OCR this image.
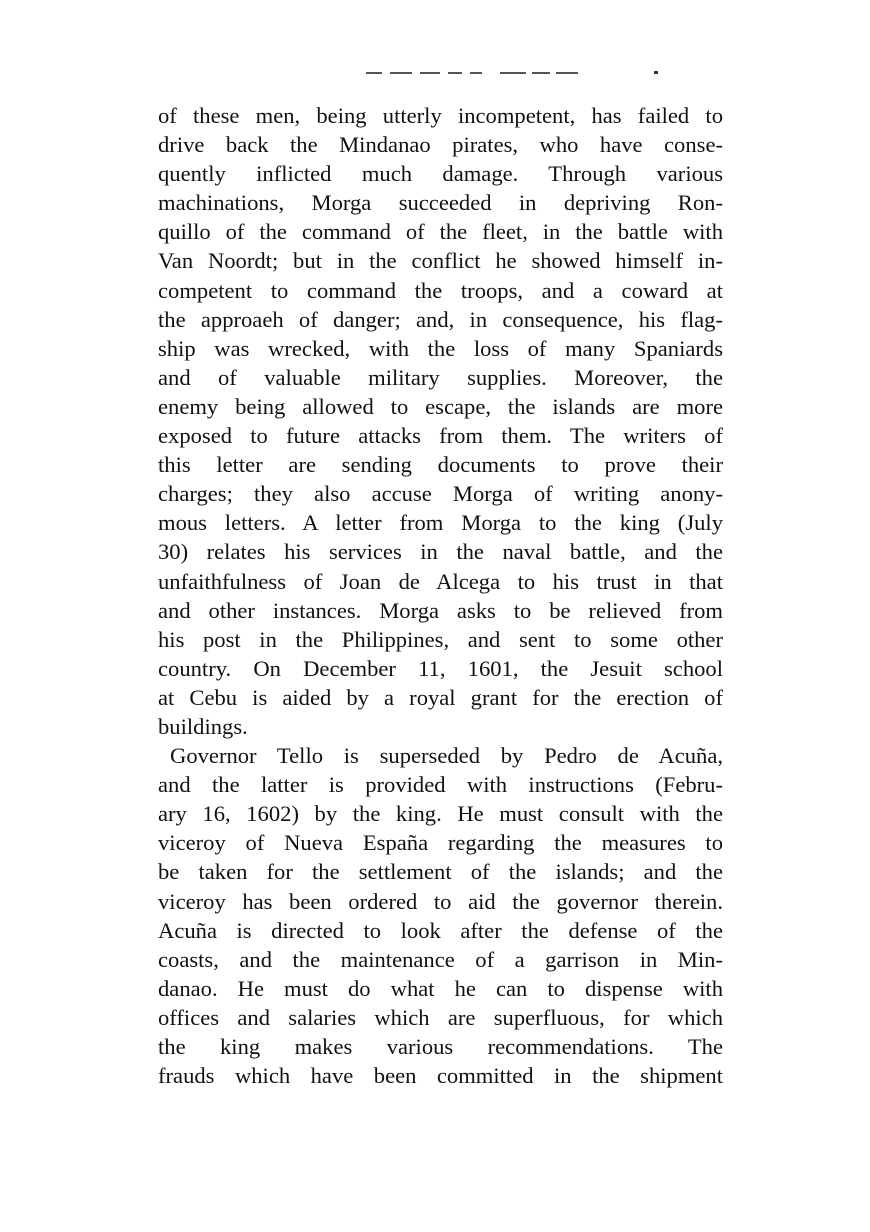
of these men, being utterly incompetent, has failed to
drive back the Mindanao pirates, who have conse-
quently inflicted much damage. Through various
machinations, Morga succeeded in depriving Ron-
quillo of the command of the fleet, in the battle with
Van Noordt; but in the conflict he showed himself in-
competent to command the troops, and a coward at
the approaeh of danger; and, in consequence, his flag-
ship was wrecked, with the loss of many Spaniards
and of valuable military supplies. Moreover, the
enemy being allowed to escape, the islands are more
exposed to future attacks from them. The writers of
this letter are sending documents to prove their
charges; they also accuse Morga of writing anony-
mous letters. A letter from Morga to the king (July
30) relates his services in the naval battle, and the
unfaithfulness of Joan de Alcega to his trust in that
and other instances. Morga asks to be relieved from
his post in the Philippines, and sent to some other
country. On December 11, 1601, the Jesuit school
at Cebu is aided by a royal grant for the erection of
buildings.
Governor Tello is superseded by Pedro de Acuña,
and the latter is provided with instructions (Febru-
ary 16, 1602) by the king. He must consult with the
viceroy of Nueva España regarding the measures to
be taken for the settlement of the islands; and the
viceroy has been ordered to aid the governor therein.
Acuña is directed to look after the defense of the
coasts, and the maintenance of a garrison in Min-
danao. He must do what he can to dispense with
offices and salaries which are superfluous, for which
the king makes various recommendations. The
frauds which have been committed in the shipment
